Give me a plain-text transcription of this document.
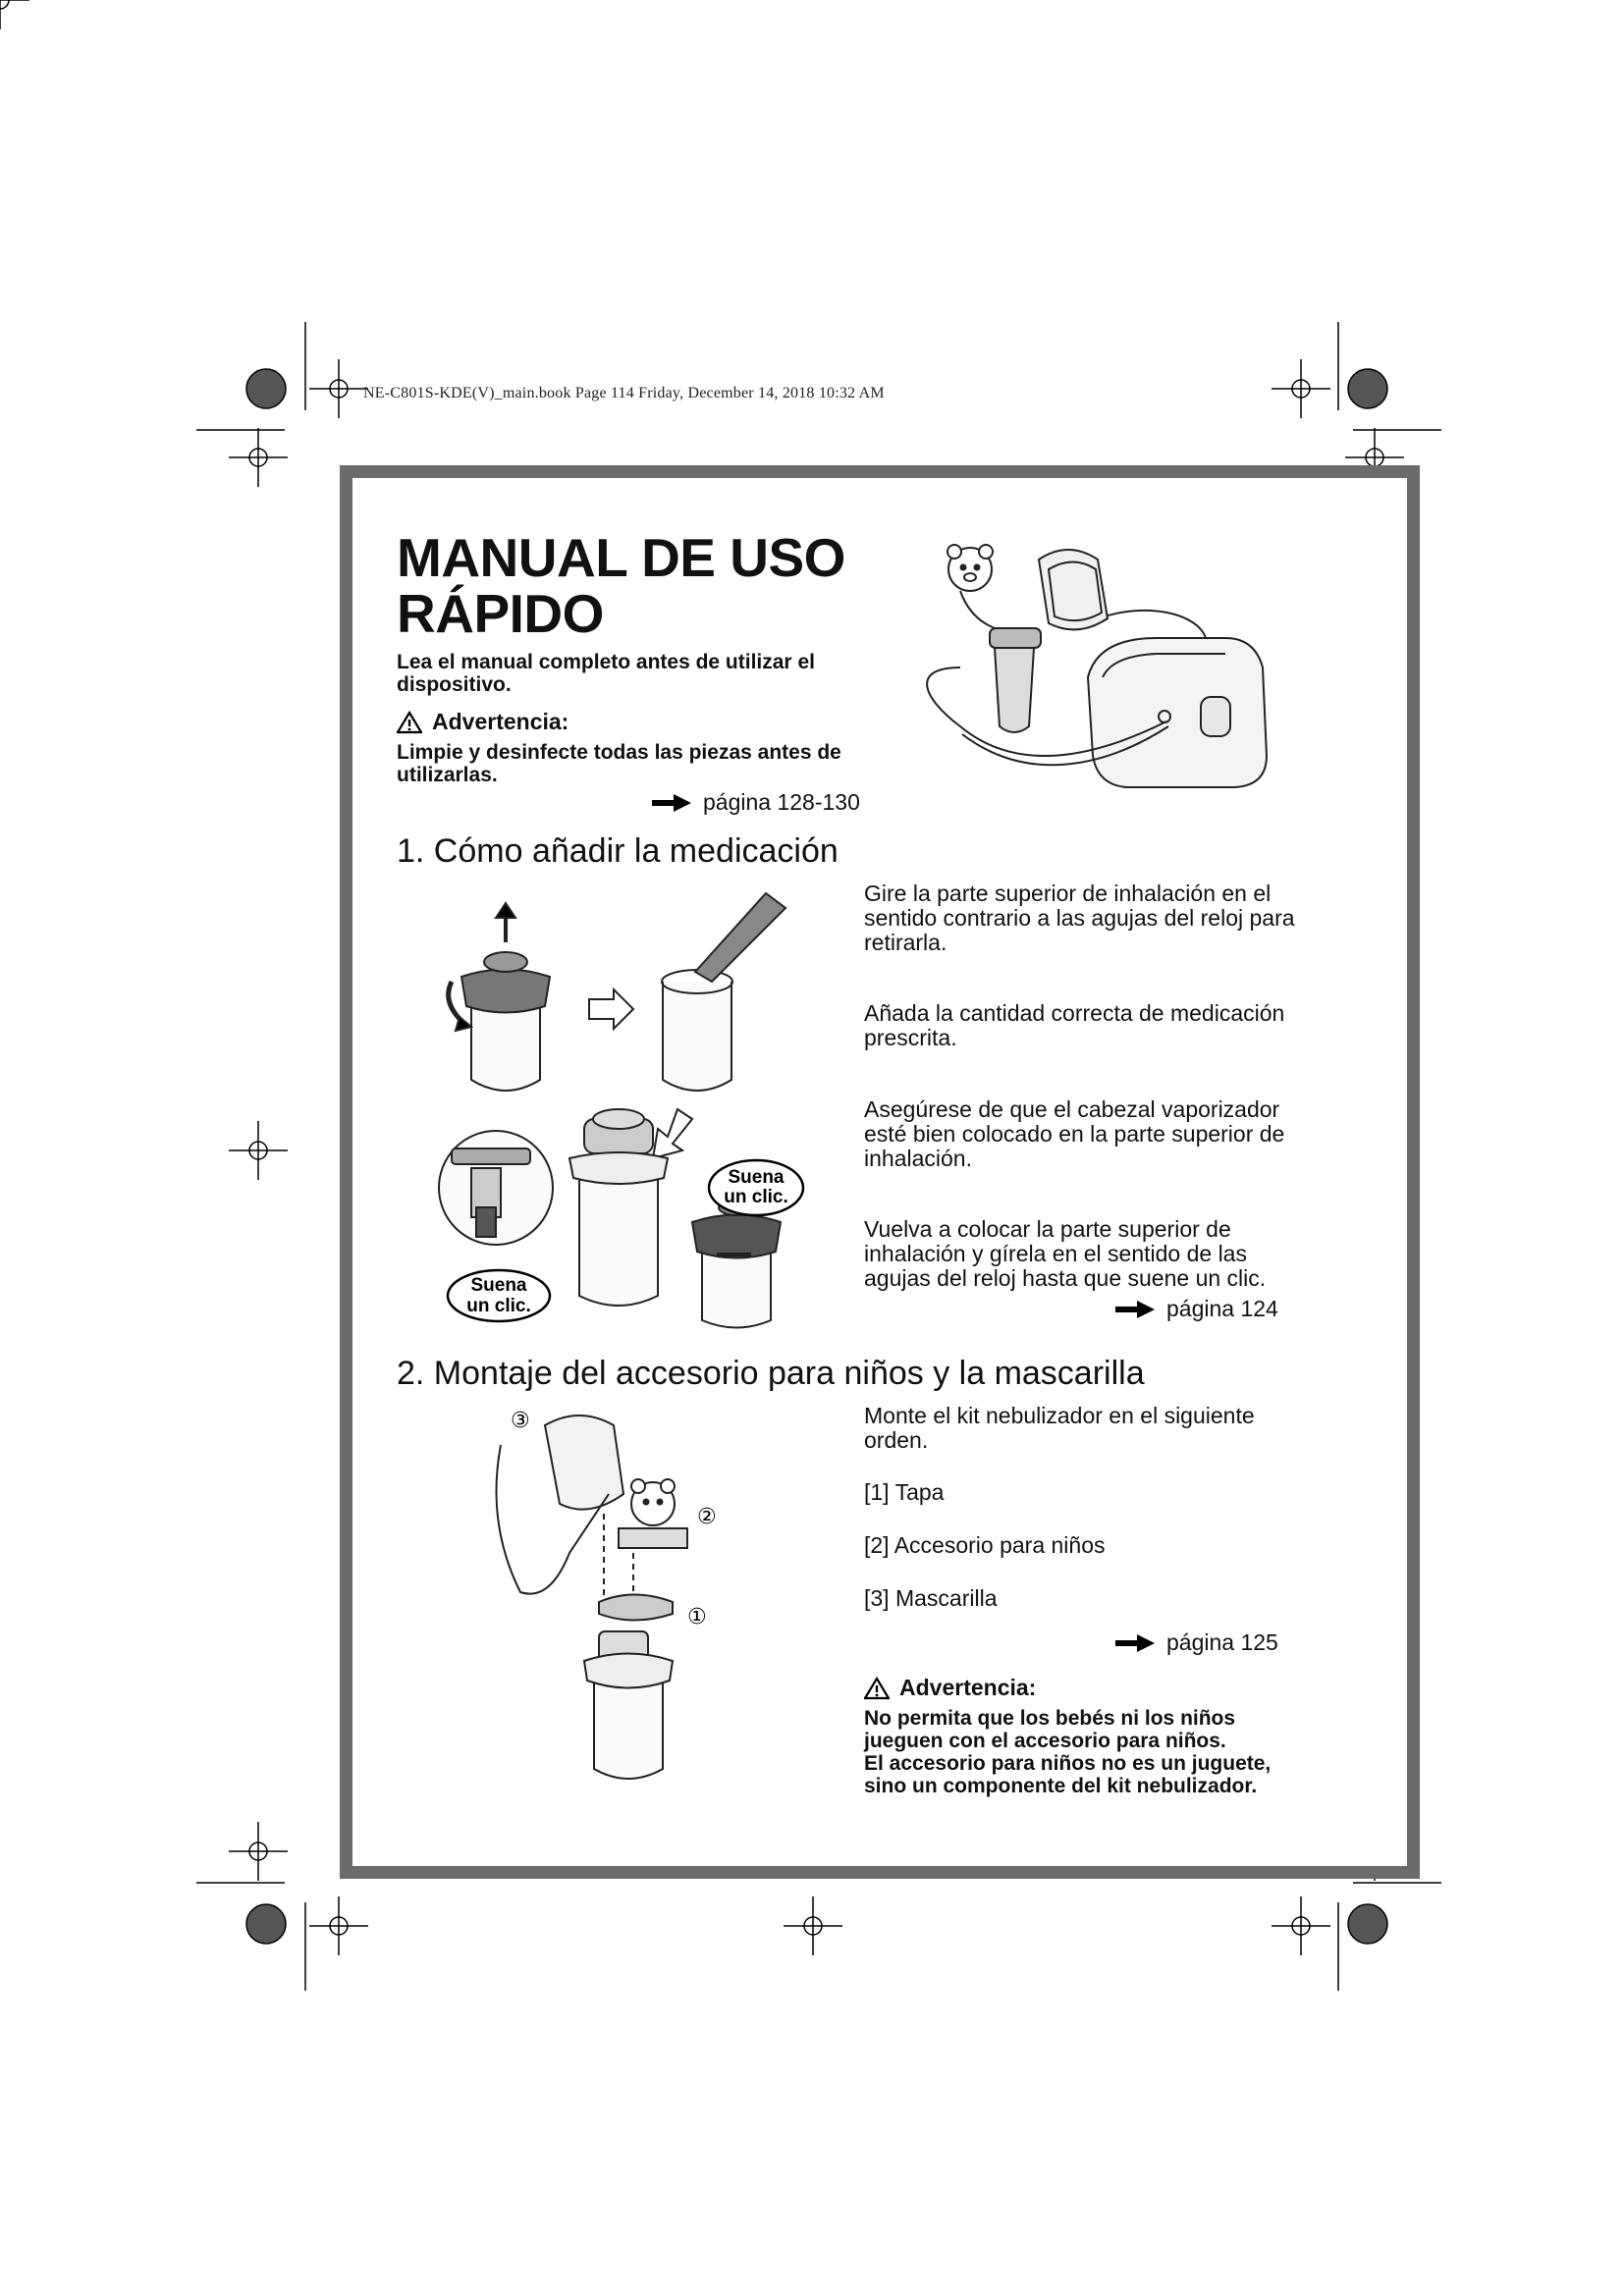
NE-C801S-KDE(V)_main.book Page 114 Friday, December 14, 2018 10:32 AM
MANUAL DE USO
RÁPIDO
Lea el manual completo antes de utilizar el dispositivo.
Advertencia:
Limpie y desinfecte todas las piezas antes de utilizarlas.
página 128-130
1. Cómo añadir la medicación
Suena
un clic.
Suena
un clic.
Gire la parte superior de inhalación en el sentido contrario a las agujas del reloj para retirarla.
Añada la cantidad correcta de medicación prescrita.
Asegúrese de que el cabezal vaporizador esté bien colocado en la parte superior de inhalación.
Vuelva a colocar la parte superior de inhalación y gírela en el sentido de las agujas del reloj hasta que suene un clic.
página 124
2. Montaje del accesorio para niños y la mascarilla
③
②
①
Monte el kit nebulizador en el siguiente orden.
[1] Tapa
[2] Accesorio para niños
[3] Mascarilla
página 125
Advertencia:
No permita que los bebés ni los niños
jueguen con el accesorio para niños.
El accesorio para niños no es un juguete,
sino un componente del kit nebulizador.
